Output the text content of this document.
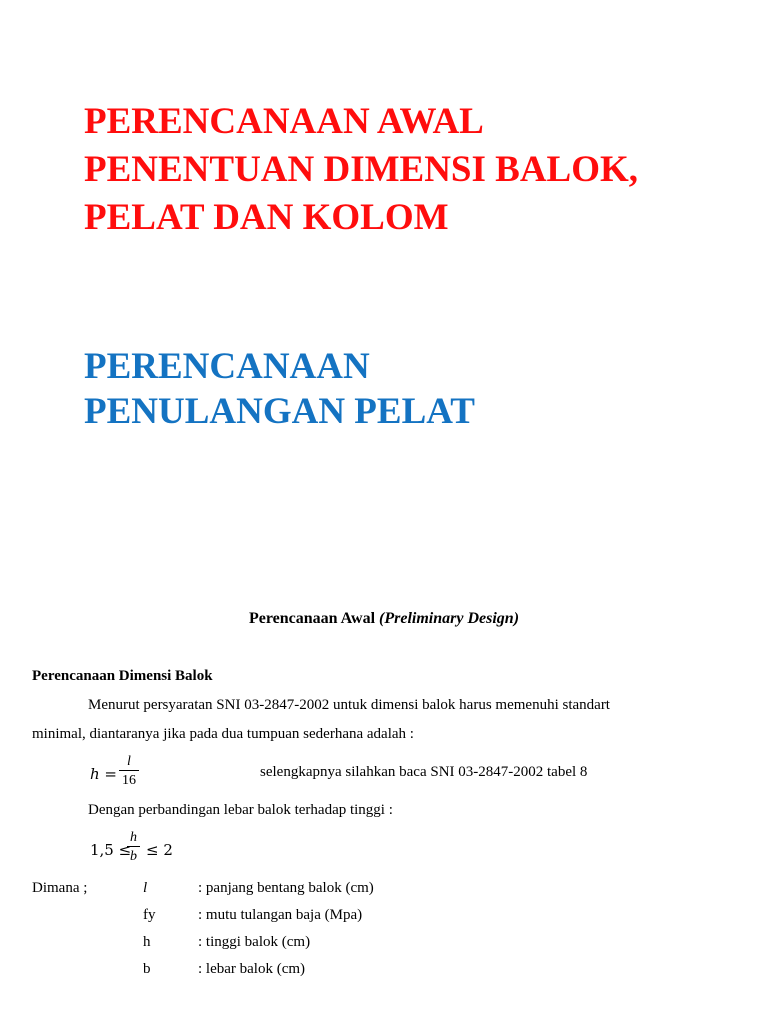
PERENCANAAN AWAL
PENENTUAN DIMENSI BALOK,
PELAT DAN KOLOM
PERENCANAAN
PENULANGAN PELAT
Perencanaan Awal (Preliminary Design)
Perencanaan Dimensi Balok
Menurut persyaratan SNI 03-2847-2002 untuk dimensi balok harus memenuhi standart
minimal, diantaranya jika pada dua tumpuan sederhana adalah :
h =
l
16
selengkapnya silahkan baca SNI 03-2847-2002 tabel 8
Dengan perbandingan lebar balok terhadap tinggi :
1,5 ≤
h
b ≤ 2
Dimana ;	l	: panjang bentang balok (cm)
fy	: mutu tulangan baja (Mpa)
h	: tinggi balok (cm)
b	: lebar balok (cm)
